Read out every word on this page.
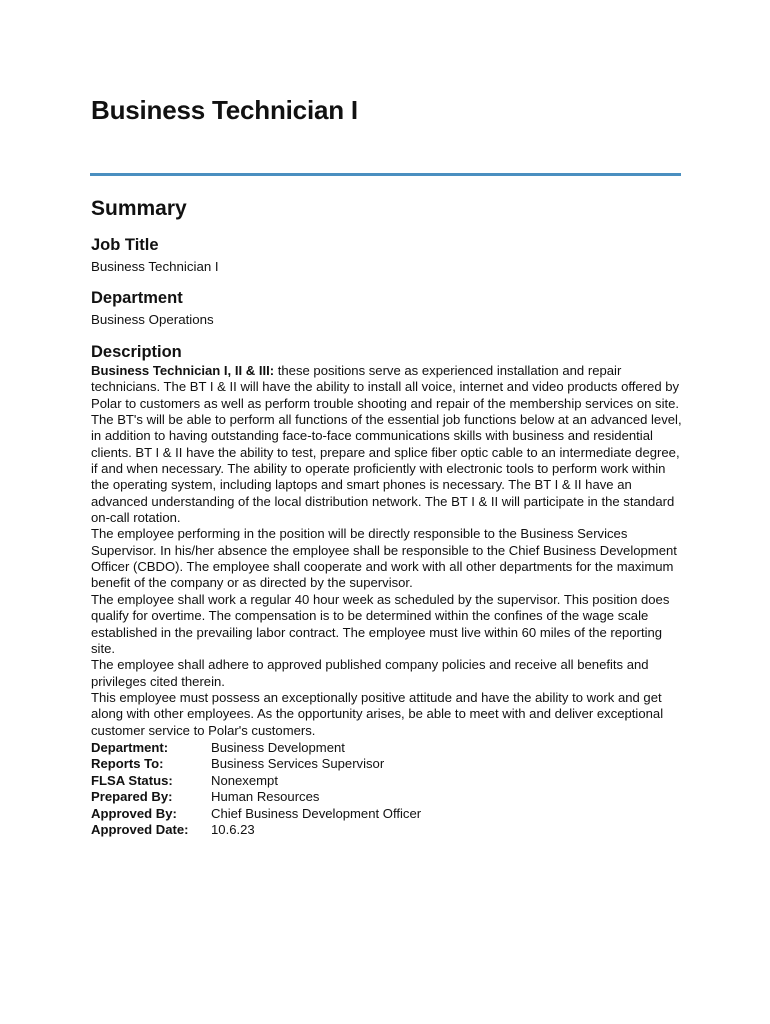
Business Technician I
Summary
Job Title
Business Technician I
Department
Business Operations
Description

Business Technician I, II & III: these positions serve as experienced installation and repair technicians. The BT I & II will have the ability to install all voice, internet and video products offered by Polar to customers as well as perform trouble shooting and repair of the membership services on site. The BT's will be able to perform all functions of the essential job functions below at an advanced level, in addition to having outstanding face-to-face communications skills with business and residential clients. BT I & II have the ability to test, prepare and splice fiber optic cable to an intermediate degree, if and when necessary. The ability to operate proficiently with electronic tools to perform work within the operating system, including laptops and smart phones is necessary. The BT I & II have an advanced understanding of the local distribution network. The BT I & II will participate in the standard on-call rotation.

The employee performing in the position will be directly responsible to the Business Services Supervisor. In his/her absence the employee shall be responsible to the Chief Business Development Officer (CBDO). The employee shall cooperate and work with all other departments for the maximum benefit of the company or as directed by the supervisor.

The employee shall work a regular 40 hour week as scheduled by the supervisor. This position does qualify for overtime. The compensation is to be determined within the confines of the wage scale established in the prevailing labor contract. The employee must live within 60 miles of the reporting site.

The employee shall adhere to approved published company policies and receive all benefits and privileges cited therein.

This employee must possess an exceptionally positive attitude and have the ability to work and get along with other employees. As the opportunity arises, be able to meet with and deliver exceptional customer service to Polar's customers.

Department:	Business Development
Reports To:	Business Services Supervisor
FLSA Status:	Nonexempt
Prepared By:	Human Resources
Approved By:	Chief Business Development Officer
Approved Date:	10.6.23
